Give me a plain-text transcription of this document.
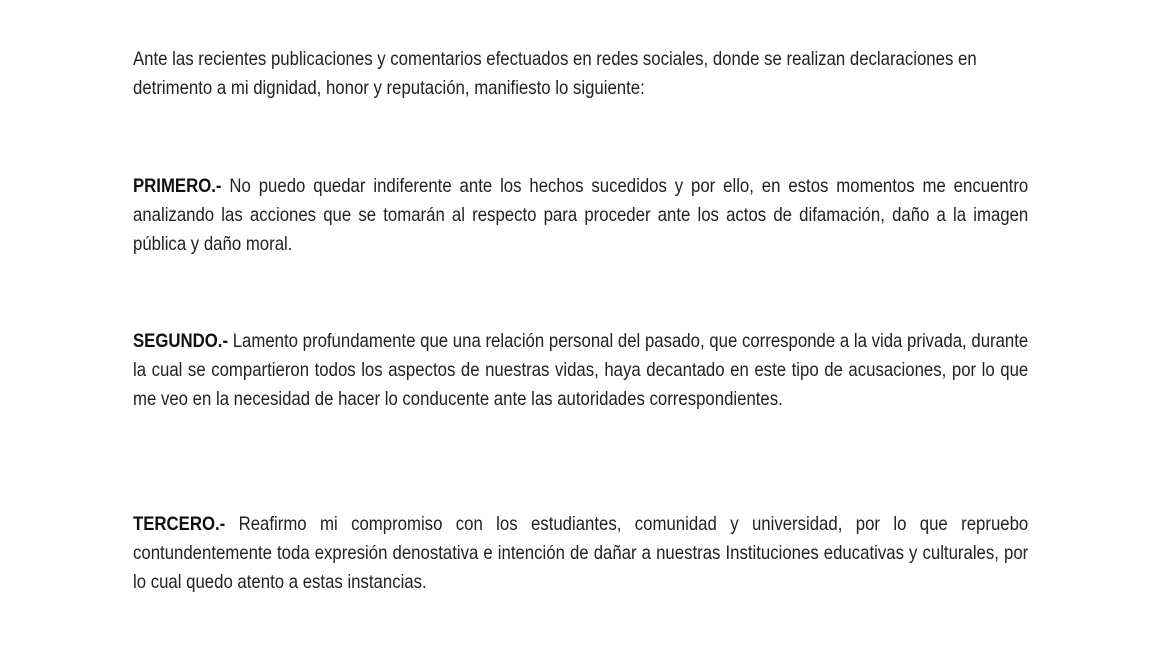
Ante las recientes publicaciones y comentarios efectuados en redes sociales, donde se realizan declaraciones en detrimento a mi dignidad, honor y reputación, manifiesto lo siguiente:

PRIMERO.- No puedo quedar indiferente ante los hechos sucedidos y por ello, en estos momentos me encuentro analizando las acciones que se tomarán al respecto para proceder ante los actos de difamación, daño a la imagen pública y daño moral.

SEGUNDO.- Lamento profundamente que una relación personal del pasado, que corresponde a la vida privada, durante la cual se compartieron todos los aspectos de nuestras vidas, haya decantado en este tipo de acusaciones, por lo que me veo en la necesidad de hacer lo conducente ante las autoridades correspondientes.

TERCERO.- Reafirmo mi compromiso con los estudiantes, comunidad y universidad, por lo que repruebo contundentemente toda expresión denostativa e intención de dañar a nuestras Instituciones educativas y culturales, por lo cual quedo atento a estas instancias.
